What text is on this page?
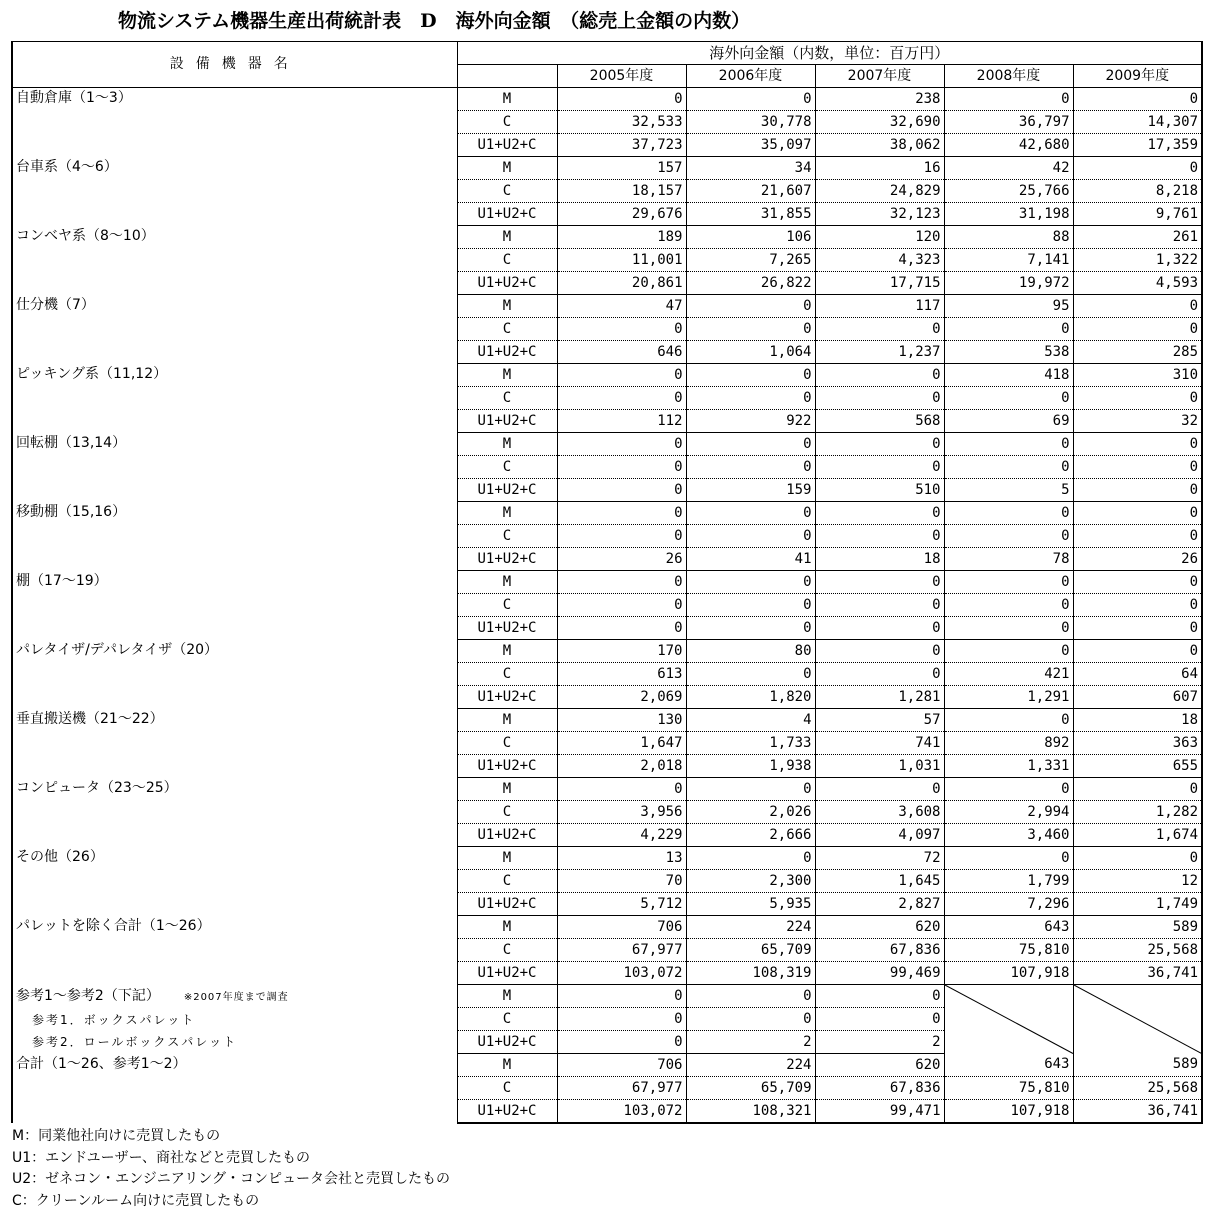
物流システム機器生産出荷統計表　D　海外向金額　（総売上金額の内数）
設備機器名	海外向金額（内数，単位：百万円）					
		2005年度	2006年度	2007年度	2008年度	2009年度
自動倉庫（1～3）	M	0	0	238	0	0
	C	32,533	30,778	32,690	36,797	14,307
	U1+U2+C	37,723	35,097	38,062	42,680	17,359
台車系（4～6）	M	157	34	16	42	0
	C	18,157	21,607	24,829	25,766	8,218
	U1+U2+C	29,676	31,855	32,123	31,198	9,761
コンベヤ系（8～10）	M	189	106	120	88	261
	C	11,001	7,265	4,323	7,141	1,322
	U1+U2+C	20,861	26,822	17,715	19,972	4,593
仕分機（7）	M	47	0	117	95	0
	C	0	0	0	0	0
	U1+U2+C	646	1,064	1,237	538	285
ピッキング系（11,12）	M	0	0	0	418	310
	C	0	0	0	0	0
	U1+U2+C	112	922	568	69	32
回転棚（13,14）	M	0	0	0	0	0
	C	0	0	0	0	0
	U1+U2+C	0	159	510	5	0
移動棚（15,16）	M	0	0	0	0	0
	C	0	0	0	0	0
	U1+U2+C	26	41	18	78	26
棚（17～19）	M	0	0	0	0	0
	C	0	0	0	0	0
	U1+U2+C	0	0	0	0	0
パレタイザ/デパレタイザ（20）	M	170	80	0	0	0
	C	613	0	0	421	64
	U1+U2+C	2,069	1,820	1,281	1,291	607
垂直搬送機（21～22）	M	130	4	57	0	18
	C	1,647	1,733	741	892	363
	U1+U2+C	2,018	1,938	1,031	1,331	655
コンピュータ（23～25）	M	0	0	0	0	0
	C	3,956	2,026	3,608	2,994	1,282
	U1+U2+C	4,229	2,666	4,097	3,460	1,674
その他（26）	M	13	0	72	0	0
	C	70	2,300	1,645	1,799	12
	U1+U2+C	5,712	5,935	2,827	7,296	1,749
パレットを除く合計（1～26）	M	706	224	620	643	589
	C	67,977	65,709	67,836	75,810	25,568
	U1+U2+C	103,072	108,319	99,469	107,918	36,741
参考1～参考2（下記） ※2007年度まで調査
参考1．ボックスパレット
参考2．ロールボックスパレット	M	0	0	0	

	C	0	0	0		
	U1+U2+C	0	2	2		
合計（1～26、参考1～2）	M	706	224	620	643	589
	C	67,977	65,709	67,836	75,810	25,568
	U1+U2+C	103,072	108,321	99,471	107,918	36,741
M：同業他社向けに売買したもの
U1：エンドユーザー、商社などと売買したもの
U2：ゼネコン・エンジニアリング・コンピュータ会社と売買したもの
C：クリーンルーム向けに売買したもの
